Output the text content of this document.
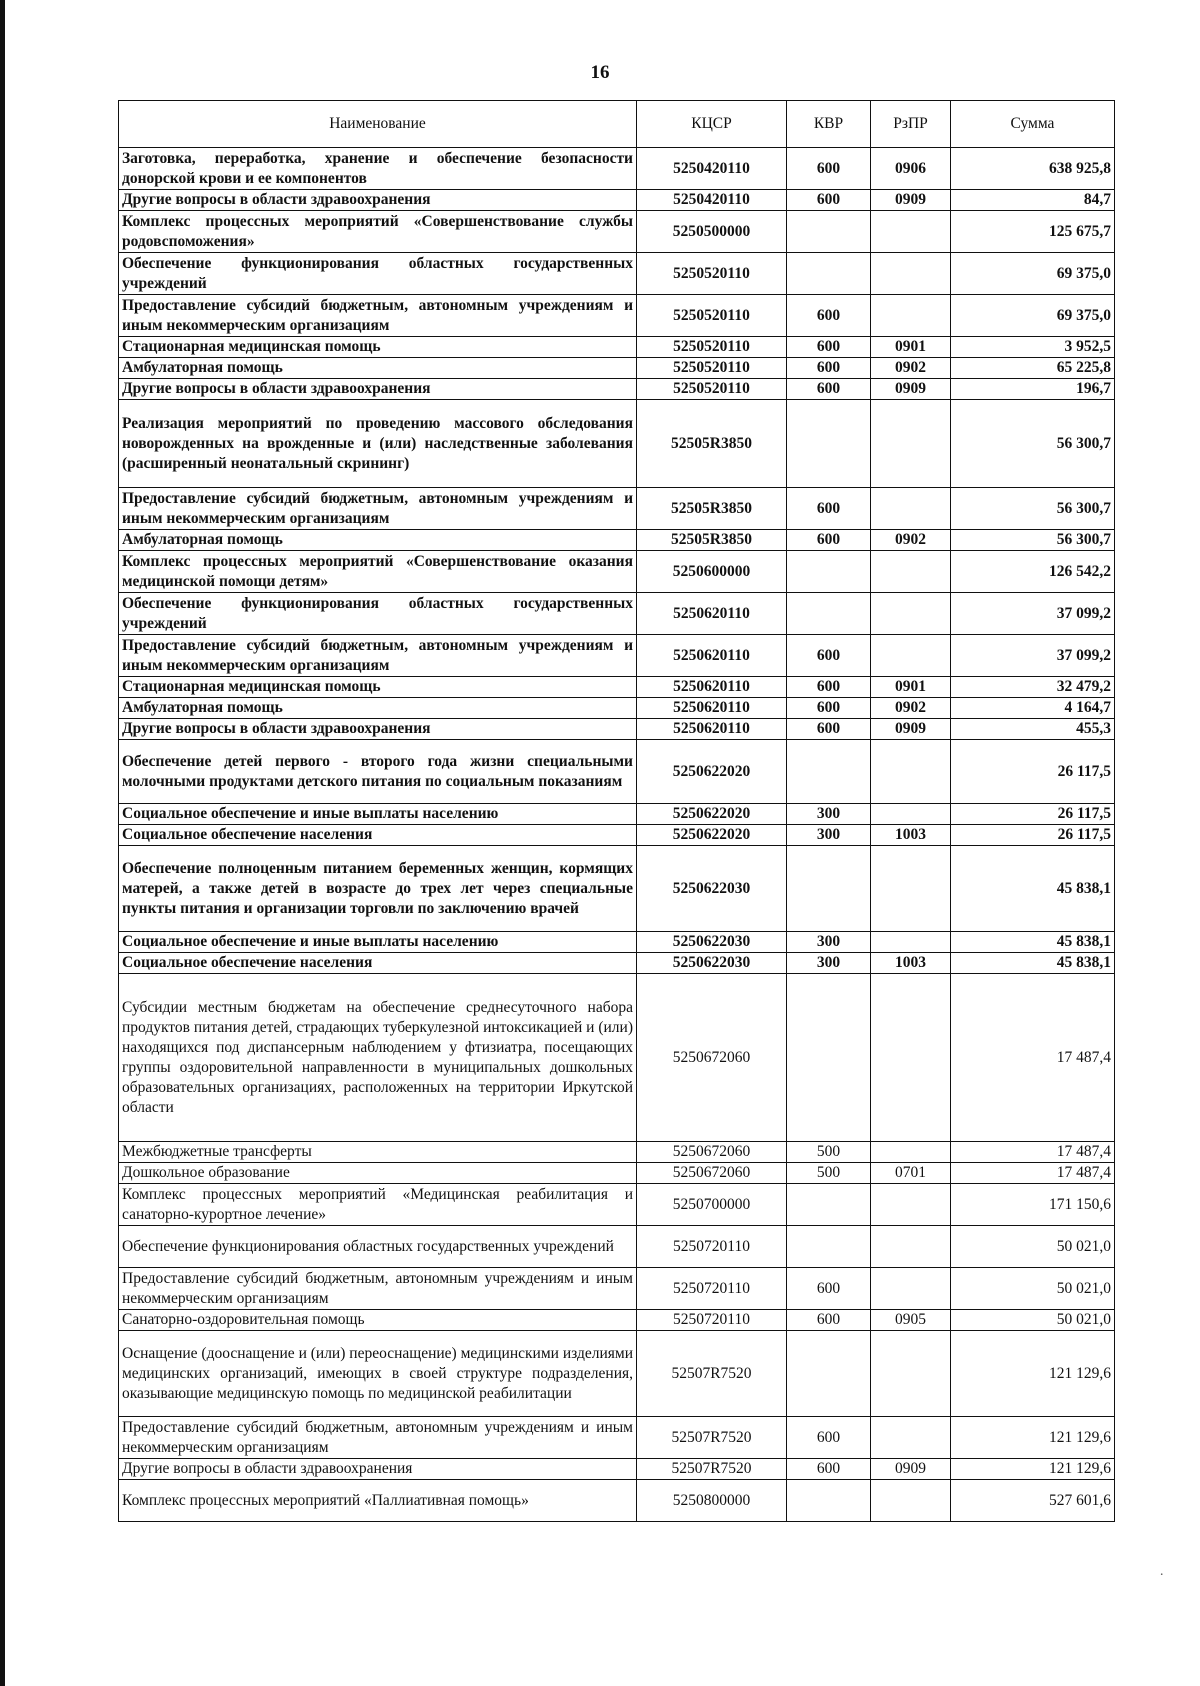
16
Наименование	КЦСР	КВР	РзПР	Сумма
Заготовка, переработка, хранение и обеспечение безопасности донорской крови и ее компонентов	5250420110	600	0906	638 925,8
Другие вопросы в области здравоохранения	5250420110	600	0909	84,7
Комплекс процессных мероприятий «Совершенствование службы родовспоможения»	5250500000			125 675,7
Обеспечение функционирования областных государственных учреждений	5250520110			69 375,0
Предоставление субсидий бюджетным, автономным учреждениям и иным некоммерческим организациям	5250520110	600		69 375,0
Стационарная медицинская помощь	5250520110	600	0901	3 952,5
Амбулаторная помощь	5250520110	600	0902	65 225,8
Другие вопросы в области здравоохранения	5250520110	600	0909	196,7
Реализация мероприятий по проведению массового обследования новорожденных на врожденные и (или) наследственные заболевания (расширенный неонатальный скрининг)	52505R3850			56 300,7
Предоставление субсидий бюджетным, автономным учреждениям и иным некоммерческим организациям	52505R3850	600		56 300,7
Амбулаторная помощь	52505R3850	600	0902	56 300,7
Комплекс процессных мероприятий «Совершенствование оказания медицинской помощи детям»	5250600000			126 542,2
Обеспечение функционирования областных государственных учреждений	5250620110			37 099,2
Предоставление субсидий бюджетным, автономным учреждениям и иным некоммерческим организациям	5250620110	600		37 099,2
Стационарная медицинская помощь	5250620110	600	0901	32 479,2
Амбулаторная помощь	5250620110	600	0902	4 164,7
Другие вопросы в области здравоохранения	5250620110	600	0909	455,3
Обеспечение детей первого - второго года жизни специальными молочными продуктами детского питания по социальным показаниям	5250622020			26 117,5
Социальное обеспечение и иные выплаты населению	5250622020	300		26 117,5
Социальное обеспечение населения	5250622020	300	1003	26 117,5
Обеспечение полноценным питанием беременных женщин, кормящих матерей, а также детей в возрасте до трех лет через специальные пункты питания и организации торговли по заключению врачей	5250622030			45 838,1
Социальное обеспечение и иные выплаты населению	5250622030	300		45 838,1
Социальное обеспечение населения	5250622030	300	1003	45 838,1
Субсидии местным бюджетам на обеспечение среднесуточного набора продуктов питания детей, страдающих туберкулезной интоксикацией и (или) находящихся под диспансерным наблюдением у фтизиатра, посещающих группы оздоровительной направленности в муниципальных дошкольных образовательных организациях, расположенных на территории Иркутской области	5250672060			17 487,4
Межбюджетные трансферты	5250672060	500		17 487,4
Дошкольное образование	5250672060	500	0701	17 487,4
Комплекс процессных мероприятий «Медицинская реабилитация и санаторно-курортное лечение»	5250700000			171 150,6
Обеспечение функционирования областных государственных учреждений	5250720110			50 021,0
Предоставление субсидий бюджетным, автономным учреждениям и иным некоммерческим организациям	5250720110	600		50 021,0
Санаторно-оздоровительная помощь	5250720110	600	0905	50 021,0
Оснащение (дооснащение и (или) переоснащение) медицинскими изделиями медицинских организаций, имеющих в своей структуре подразделения, оказывающие медицинскую помощь по медицинской реабилитации	52507R7520			121 129,6
Предоставление субсидий бюджетным, автономным учреждениям и иным некоммерческим организациям	52507R7520	600		121 129,6
Другие вопросы в области здравоохранения	52507R7520	600	0909	121 129,6
Комплекс процессных мероприятий «Паллиативная помощь»	5250800000			527 601,6
·
